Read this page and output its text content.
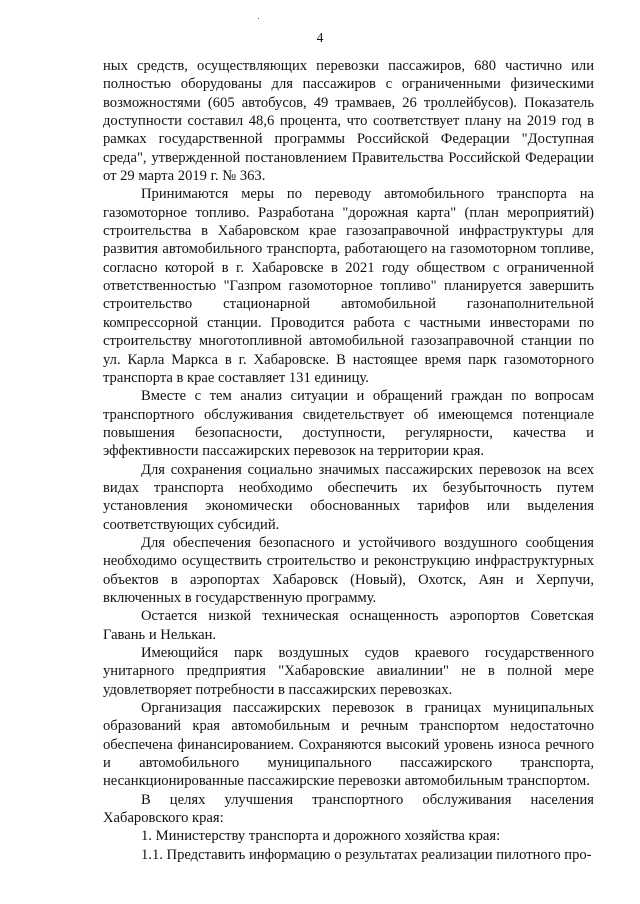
4

ных средств, осуществляющих перевозки пассажиров, 680 частично или полностью оборудованы для пассажиров с ограниченными физическими возможностями (605 автобусов, 49 трамваев, 26 троллейбусов). Показатель доступности составил 48,6 процента, что соответствует плану на 2019 год в рамках государственной программы Российской Федерации "Доступная среда", утвержденной постановлением Правительства Российской Федерации от 29 марта 2019 г. № 363.

Принимаются меры по переводу автомобильного транспорта на газомоторное топливо. Разработана "дорожная карта" (план мероприятий) строительства в Хабаровском крае газозаправочной инфраструктуры для развития автомобильного транспорта, работающего на газомоторном топливе, согласно которой в г. Хабаровске в 2021 году обществом с ограниченной ответственностью "Газпром газомоторное топливо" планируется завершить строительство стационарной автомобильной газонаполнительной компрессорной станции. Проводится работа с частными инвесторами по строительству многотопливной автомобильной газозаправочной станции по ул. Карла Маркса в г. Хабаровске. В настоящее время парк газомоторного транспорта в крае составляет 131 единицу.

Вместе с тем анализ ситуации и обращений граждан по вопросам транспортного обслуживания свидетельствует об имеющемся потенциале повышения безопасности, доступности, регулярности, качества и эффективности пассажирских перевозок на территории края.

Для сохранения социально значимых пассажирских перевозок на всех видах транспорта необходимо обеспечить их безубыточность путем установления экономически обоснованных тарифов или выделения соответствующих субсидий.

Для обеспечения безопасного и устойчивого воздушного сообщения необходимо осуществить строительство и реконструкцию инфраструктурных объектов в аэропортах Хабаровск (Новый), Охотск, Аян и Херпучи, включенных в государственную программу.

Остается низкой техническая оснащенность аэропортов Советская Гавань и Нелькан.

Имеющийся парк воздушных судов краевого государственного унитарного предприятия "Хабаровские авиалинии" не в полной мере удовлетворяет потребности в пассажирских перевозках.

Организация пассажирских перевозок в границах муниципальных образований края автомобильным и речным транспортом недостаточно обеспечена финансированием. Сохраняются высокий уровень износа речного и автомобильного муниципального пассажирского транспорта, несанкционированные пассажирские перевозки автомобильным транспортом.

В целях улучшения транспортного обслуживания населения Хабаровского края:

1. Министерству транспорта и дорожного хозяйства края:

1.1. Представить информацию о результатах реализации пилотного про-
